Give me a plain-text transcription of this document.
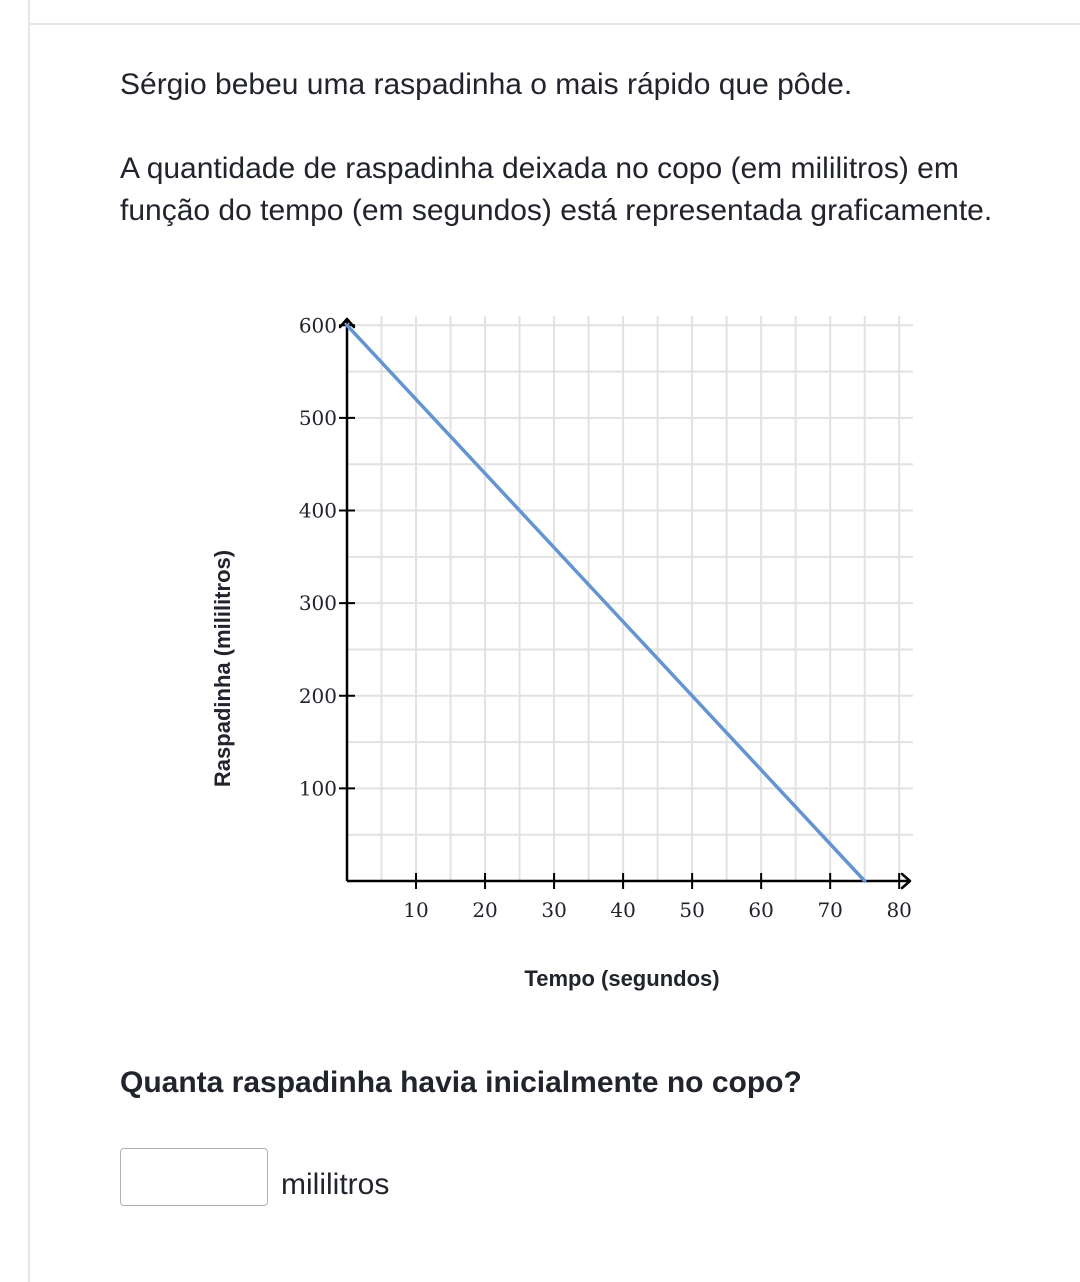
Sérgio bebeu uma raspadinha o mais rápido que pôde.

A quantidade de raspadinha deixada no copo (em mililitros) em função do tempo (em segundos) está representada graficamente.

10 20 30 40 50 60 70 80
100
200
300
400
500
600
Tempo (segundos)
Raspadinha (mililitros)

Quanta raspadinha havia inicialmente no copo?

mililitros
